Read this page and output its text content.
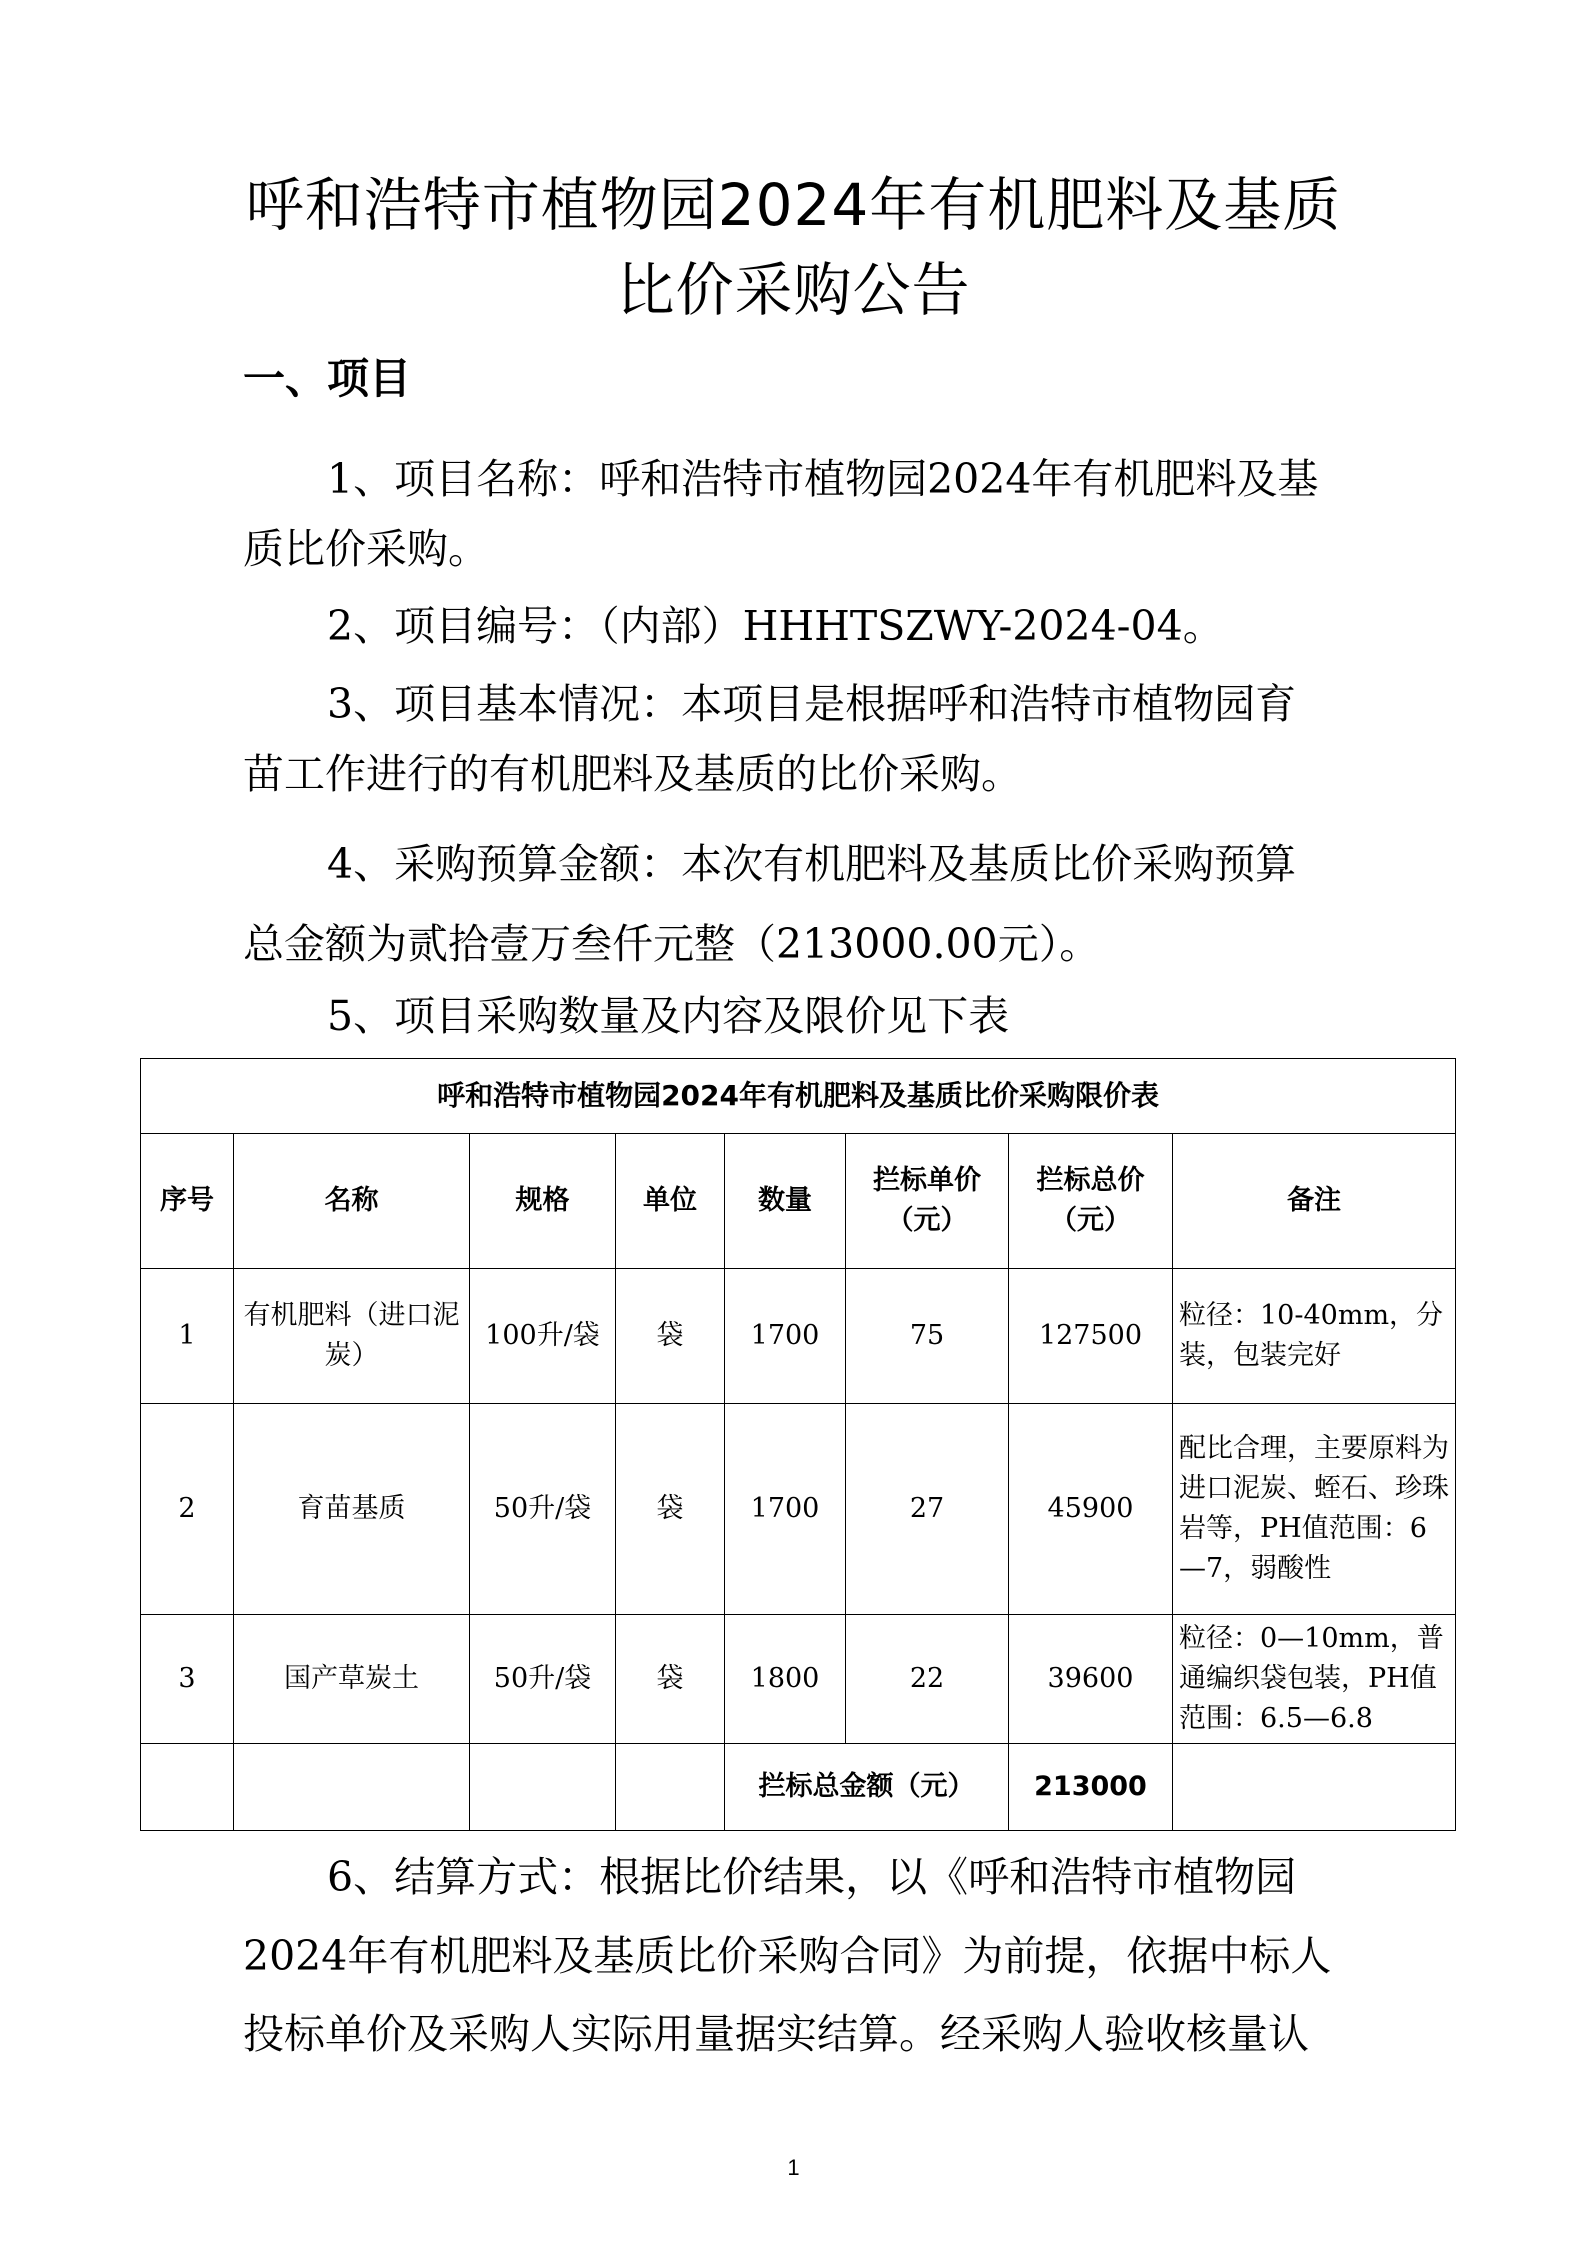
呼和浩特市植物园2024年有机肥料及基质
比价采购公告
一、项目
1、项目名称：呼和浩特市植物园2024年有机肥料及基
质比价采购。
2、项目编号：（内部）HHHTSZWY-2024-04。
3、项目基本情况：本项目是根据呼和浩特市植物园育
苗工作进行的有机肥料及基质的比价采购。
4、采购预算金额：本次有机肥料及基质比价采购预算
总金额为贰拾壹万叁仟元整（213000.00元）。
5、项目采购数量及内容及限价见下表
呼和浩特市植物园2024年有机肥料及基质比价采购限价表							
序号	名称	规格	单位	数量	拦标单价（元）	拦标总价（元）	备注
1	有机肥料（进口泥炭）	100升/袋	袋	1700	75	127500	粒径：10-40mm，分装，包装完好
2	育苗基质	50升/袋	袋	1700	27	45900	配比合理，主要原料为进口泥炭、蛭石、珍珠岩等，PH值范围：6—7，弱酸性
3	国产草炭土	50升/袋	袋	1800	22	39600	粒径：0—10mm，普通编织袋包装，PH值范围：6.5—6.8
				拦标总金额（元）		213000	
6、结算方式：根据比价结果，以《呼和浩特市植物园
2024年有机肥料及基质比价采购合同》为前提，依据中标人
投标单价及采购人实际用量据实结算。经采购人验收核量认
1
